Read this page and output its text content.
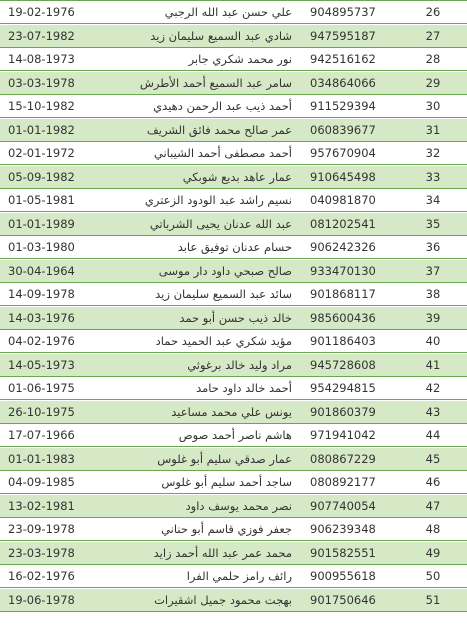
19-02-1976	علي حسن عبد الله الرجبي 904895737	26
23-07-1982	شادي عبد السميع سليمان زيد 947595187	27
14-08-1973	نور محمد شكري جابر 942516162	28
03-03-1978	سامر عبد السميع أحمد الأطرش 034864066	29
15-10-1982	أحمد ذيب عبد الرحمن دهيدي 911529394	30
01-01-1982	عمر صالح محمد فائق الشريف 060839677	31
02-01-1972	أحمد مصطفى أحمد الشيباني 957670904	32
05-09-1982	عمار عاهد بديع شوبكي 910645498	33
01-05-1981	نسيم راشد عبد الودود الزعتري 040981870	34
01-01-1989	عبد الله عدنان يحيى الشرباتي 081202541	35
01-03-1980	حسام عدنان توفيق عابد 906242326	36
30-04-1964	صالح صبحي داود دار موسى 933470130	37
14-09-1978	سائد عبد السميع سليمان زيد 901868117	38
14-03-1976	خالد ذيب حسن أبو حمد 985600436	39
04-02-1976	مؤيد شكري عبد الحميد حماد 901186403	40
14-05-1973	مراد وليد خالد برغوثي 945728608	41
01-06-1975	أحمد خالد داود حامد 954294815	42
26-10-1975	يونس علي محمد مساعيد 901860379	43
17-07-1966	هاشم ناصر أحمد صوص 971941042	44
01-01-1983	عمار صدقي سليم أبو غلوس 080867229	45
04-09-1985	ساجد أحمد سليم أبو غلوس 080892177	46
13-02-1981	نصر محمد يوسف داود 907740054	47
23-09-1978	جعفر فوزي قاسم أبو حناني 906239348	48
23-03-1978	محمد عمر عبد الله أحمد زايد 901582551	49
16-02-1976	رائف رامز حلمي الفرا 900955618	50
19-06-1978	بهجت محمود جميل اشقيرات 901750646	51
